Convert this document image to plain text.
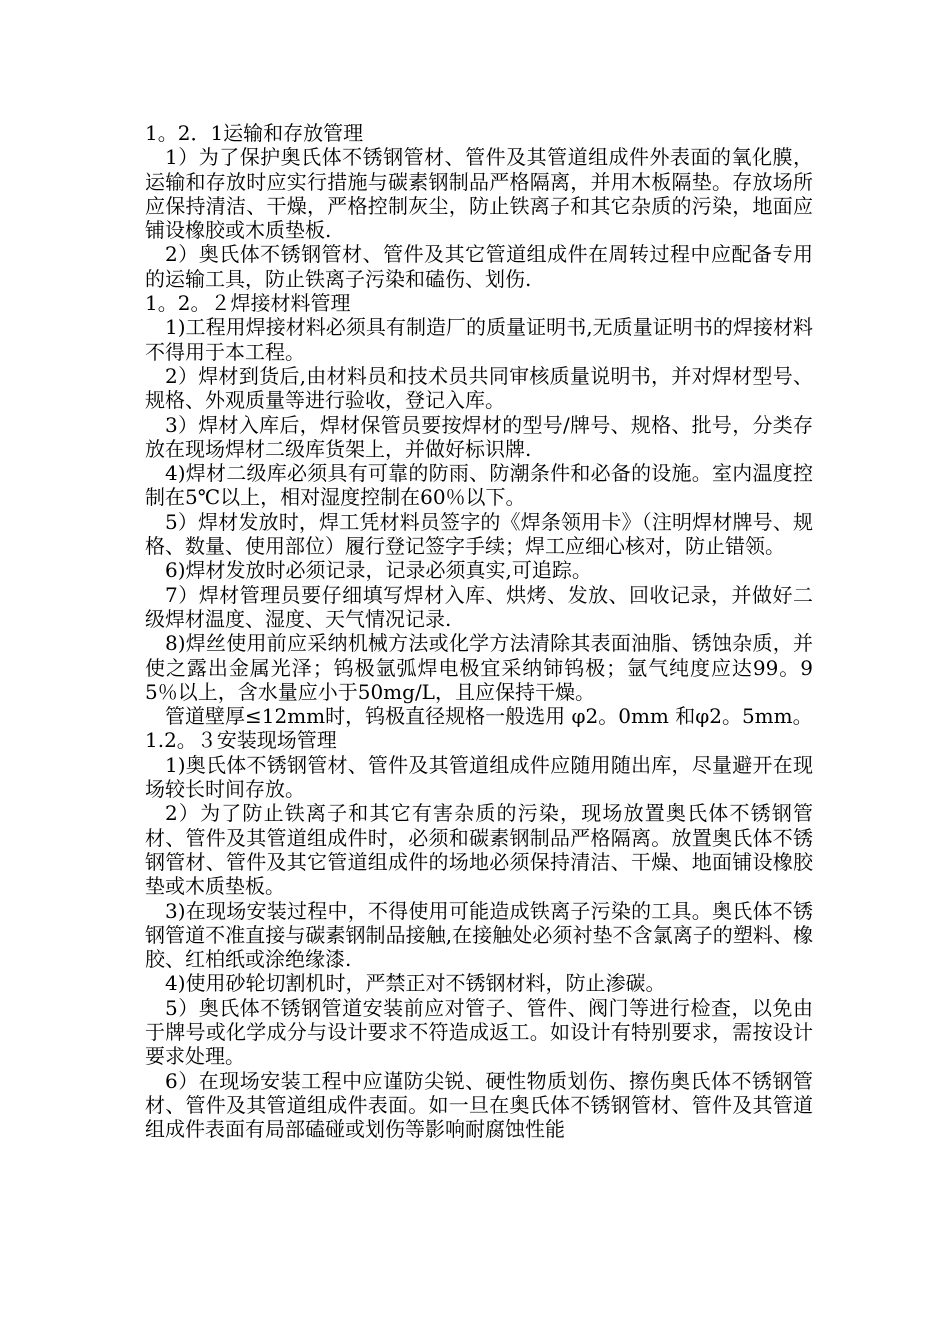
1。2．1运输和存放管理

1）为了保护奥氏体不锈钢管材、管件及其管道组成件外表面的氧化膜，运输和存放时应实行措施与碳素钢制品严格隔离，并用木板隔垫。存放场所应保持清洁、干燥，严格控制灰尘，防止铁离子和其它杂质的污染，地面应铺设橡胶或木质垫板.

2）奥氏体不锈钢管材、管件及其它管道组成件在周转过程中应配备专用的运输工具，防止铁离子污染和磕伤、划伤.

1。2。２焊接材料管理

1)工程用焊接材料必须具有制造厂的质量证明书,无质量证明书的焊接材料不得用于本工程。

2）焊材到货后,由材料员和技术员共同审核质量说明书，并对焊材型号、规格、外观质量等进行验收，登记入库。

3）焊材入库后，焊材保管员要按焊材的型号/牌号、规格、批号，分类存放在现场焊材二级库货架上，并做好标识牌.

4)焊材二级库必须具有可靠的防雨、防潮条件和必备的设施。室内温度控制在5℃以上，相对湿度控制在60％以下。

5）焊材发放时，焊工凭材料员签字的《焊条领用卡》（注明焊材牌号、规格、数量、使用部位）履行登记签字手续；焊工应细心核对，防止错领。

6)焊材发放时必须记录，记录必须真实,可追踪。

7）焊材管理员要仔细填写焊材入库、烘烤、发放、回收记录，并做好二级焊材温度、湿度、天气情况记录.

8)焊丝使用前应采纳机械方法或化学方法清除其表面油脂、锈蚀杂质，并使之露出金属光泽；钨极氩弧焊电极宜采纳铈钨极；氩气纯度应达99。95％以上，含水量应小于50mg/L，且应保持干燥。

管道壁厚≤12mm时，钨极直径规格一般选用 φ2。0mm 和φ2。5mm。

1.2。３安装现场管理

1)奥氏体不锈钢管材、管件及其管道组成件应随用随出库，尽量避开在现场较长时间存放。

2）为了防止铁离子和其它有害杂质的污染，现场放置奥氏体不锈钢管材、管件及其管道组成件时，必须和碳素钢制品严格隔离。放置奥氏体不锈钢管材、管件及其它管道组成件的场地必须保持清洁、干燥、地面铺设橡胶垫或木质垫板。

3)在现场安装过程中，不得使用可能造成铁离子污染的工具。奥氏体不锈钢管道不准直接与碳素钢制品接触,在接触处必须衬垫不含氯离子的塑料、橡胶、红柏纸或涂绝缘漆.

4)使用砂轮切割机时，严禁正对不锈钢材料，防止渗碳。

5）奥氏体不锈钢管道安装前应对管子、管件、阀门等进行检查，以免由于牌号或化学成分与设计要求不符造成返工。如设计有特别要求，需按设计要求处理。

6）在现场安装工程中应谨防尖锐、硬性物质划伤、擦伤奥氏体不锈钢管材、管件及其管道组成件表面。如一旦在奥氏体不锈钢管材、管件及其管道组成件表面有局部磕碰或划伤等影响耐腐蚀性能
